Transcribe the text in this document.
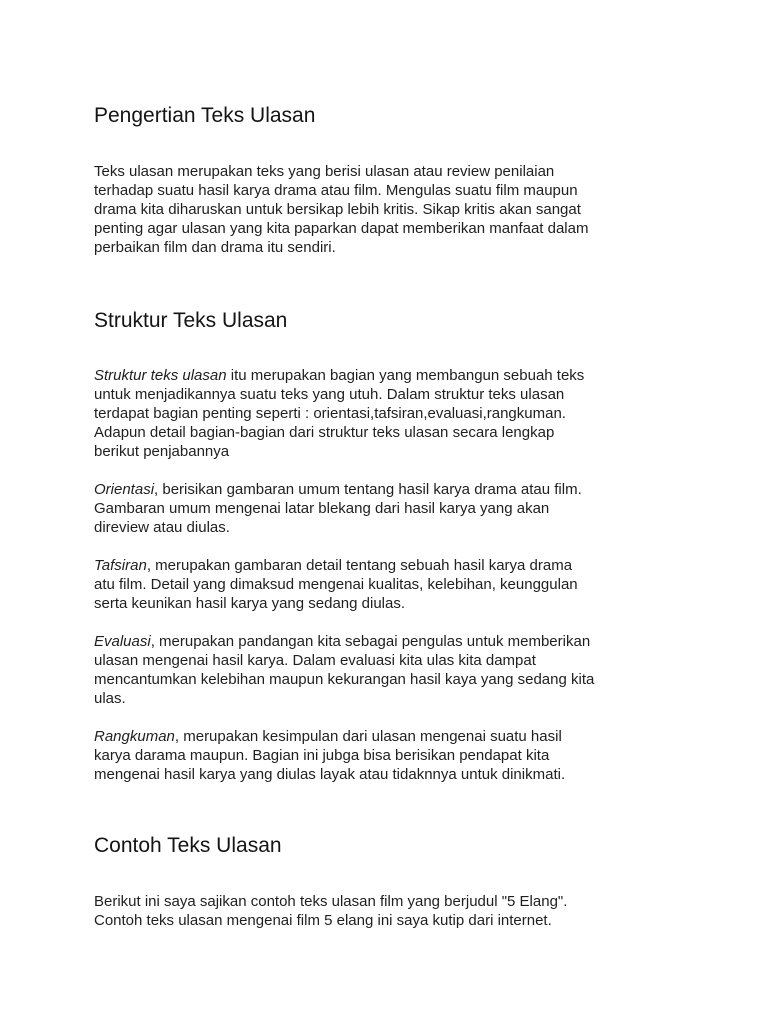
Pengertian Teks Ulasan

Teks ulasan merupakan teks yang berisi ulasan atau review penilaian
terhadap suatu hasil karya drama atau film. Mengulas suatu film maupun
drama kita diharuskan untuk bersikap lebih kritis. Sikap kritis akan sangat
penting agar ulasan yang kita paparkan dapat memberikan manfaat dalam
perbaikan film dan drama itu sendiri.

Struktur Teks Ulasan

Struktur teks ulasan itu merupakan bagian yang membangun sebuah teks
untuk menjadikannya suatu teks yang utuh. Dalam struktur teks ulasan
terdapat bagian penting seperti : orientasi,tafsiran,evaluasi,rangkuman.
Adapun detail bagian-bagian dari struktur teks ulasan secara lengkap
berikut penjabannya

Orientasi, berisikan gambaran umum tentang hasil karya drama atau film.
Gambaran umum mengenai latar blekang dari hasil karya yang akan
direview atau diulas.

Tafsiran, merupakan gambaran detail tentang sebuah hasil karya drama
atu film. Detail yang dimaksud mengenai kualitas, kelebihan, keunggulan
serta keunikan hasil karya yang sedang diulas.

Evaluasi, merupakan pandangan kita sebagai pengulas untuk memberikan
ulasan mengenai hasil karya. Dalam evaluasi kita ulas kita dampat
mencantumkan kelebihan maupun kekurangan hasil kaya yang sedang kita
ulas.

Rangkuman, merupakan kesimpulan dari ulasan mengenai suatu hasil
karya darama maupun. Bagian ini jubga bisa berisikan pendapat kita
mengenai hasil karya yang diulas layak atau tidaknnya untuk dinikmati.

Contoh Teks Ulasan

Berikut ini saya sajikan contoh teks ulasan film yang berjudul "5 Elang".
Contoh teks ulasan mengenai film 5 elang ini saya kutip dari internet.
